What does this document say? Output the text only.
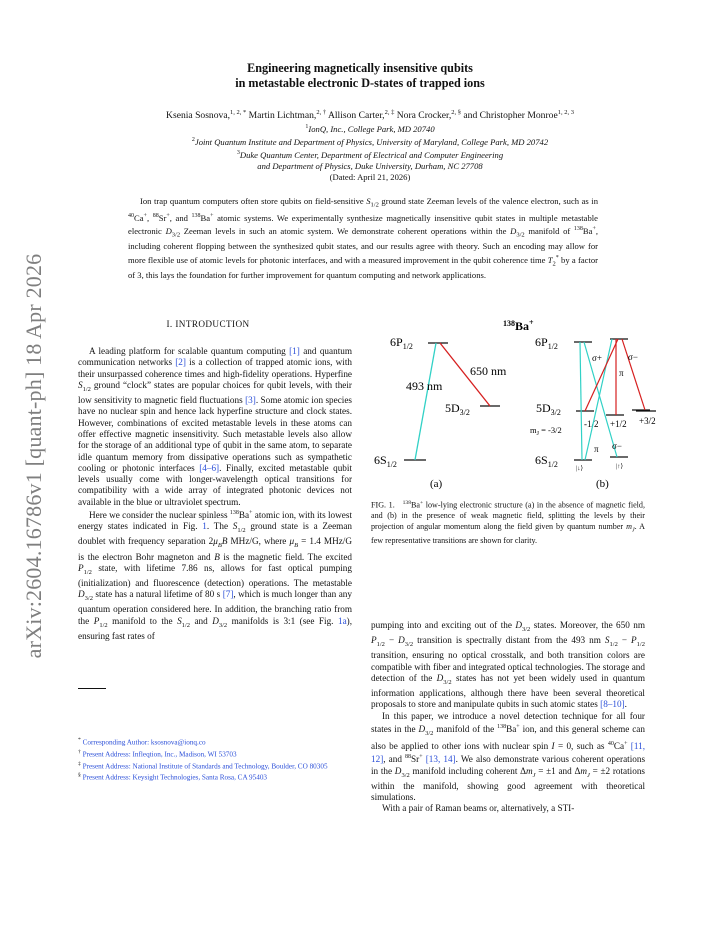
arXiv:2604.16786v1 [quant-ph] 18 Apr 2026
Engineering magnetically insensitive qubits
in metastable electronic D-states of trapped ions
Ksenia Sosnova,$^{1, 2, *}$ Martin Lichtman,$^{2, \dagger}$ Allison Carter,$^{2, \ddagger}$ Nora Crocker,$^{2, \S}$ and Christopher Monroe$^{1, 2, 3}$
$^1$IonQ, Inc., College Park, MD 20740
$^2$Joint Quantum Institute and Department of Physics, University of Maryland, College Park, MD 20742
$^3$Duke Quantum Center, Department of Electrical and Computer Engineering
and Department of Physics, Duke University, Durham, NC 27708
(Dated: April 21, 2026)
Ion trap quantum computers often store qubits on field-sensitive $S_{1/2}$ ground state Zeeman levels of the valence electron, such as in $^{40}$Ca+, $^{88}$Sr+, and $^{138}$Ba+ atomic systems. We experimentally synthesize magnetically insensitive qubit states in multiple metastable electronic $D_{3/2}$ Zeeman levels in such an atomic system. We demonstrate coherent operations within the $D_{3/2}$ manifold of $^{138}$Ba+, including coherent flopping between the synthesized qubit states, and our results agree with theory. Such an encoding may allow for more flexible use of atomic levels for photonic interfaces, and with a measured improvement in the qubit coherence time $T_2^*$ by a factor of 3, this lays the foundation for further improvement for quantum computing and network applications.
I. INTRODUCTION

A leading platform for scalable quantum computing [1] and quantum communication networks [2] is a collection of trapped atomic ions, with their unsurpassed coherence times and high-fidelity operations. Hyperfine $S_{1/2}$ ground “clock” states are popular choices for qubit levels, with their low sensitivity to magnetic field fluctuations [3]. Some atomic ion species have no nuclear spin and hence lack hyperfine structure and clock states. However, combinations of excited metastable levels in these atoms can offer effective magnetic insensitivity. Such metastable levels also allow for the storage of an additional type of qubit in the same atom, to separate idle quantum memory from dissipative operations such as sympathetic cooling or photonic interfaces [4–6]. Finally, excited metastable qubit levels usually come with longer-wavelength optical transitions for compatibility with a wide array of integrated photonic devices not available in the blue or ultraviolet spectrum.

Here we consider the nuclear spinless $^{138}$Ba+ atomic ion, with its lowest energy states indicated in Fig. 1. The $S_{1/2}$ ground state is a Zeeman doublet with frequency separation $2\mu_BB$ MHz/G, where $\mu_B = 1.4$ MHz/G is the electron Bohr magneton and B is the magnetic field. The excited $P_{1/2}$ state, with lifetime 7.86 ns, allows for fast optical pumping (initialization) and fluorescence (detection) operations. The metastable $D_{3/2}$ state has a natural lifetime of 80 s [7], which is much longer than any quantum operation considered here. In addition, the branching ratio from the $P_{1/2}$ manifold to the $S_{1/2}$ and $D_{3/2}$ manifolds is 3:1 (see Fig. 1a), ensuring fast rates of

* Corresponding Author: ksosnova@ionq.co
† Present Address: Infleqtion, Inc., Madison, WI 53703
‡ Present Address: National Institute of Standards and Technology, Boulder, CO 80305
§ Present Address: Keysight Technologies, Santa Rosa, CA 95403
$6P_{1/2}$
493 nm
650 nm
$5D_{3/2}$
$6S_{1/2}$
(a)
$^{138}$Ba+
$6P_{1/2}$
$5D_{3/2}$
$m_J = -3/2$
-1/2 +1/2 +3/2
$6S_{1/2}$	|↓⟩	|↑⟩
σ+	σ−
π
π σ−
(b)
FIG. 1.   $^{138}$Ba+ low-lying electronic structure (a) in the absence of magnetic field, and (b) in the presence of weak magnetic field, splitting the levels by their projection of angular momentum along the field given by quantum number $m_J$. A few representative transitions are shown for clarity.

pumping into and exciting out of the $D_{3/2}$ states. Moreover, the 650 nm $P_{1/2} - D_{3/2}$ transition is spectrally distant from the 493 nm $S_{1/2} - P_{1/2}$ transition, ensuring no optical crosstalk, and both transition colors are compatible with fiber and integrated optical technologies. The storage and detection of the $D_{3/2}$ states has not yet been widely used in quantum information applications, although there have been several theoretical proposals to store and manipulate qubits in such atomic states [8–10].

In this paper, we introduce a novel detection technique for all four states in the $D_{3/2}$ manifold of the $^{138}$Ba+ ion, and this general scheme can also be applied to other ions with nuclear spin I = 0, such as $^{40}$Ca+ [11, 12], and $^{88}$Sr+ [13, 14]. We also demonstrate various coherent operations in the $D_{3/2}$ manifold including coherent $\Delta m_J = \pm 1$ and $\Delta m_J = \pm 2$ rotations within the manifold, showing good agreement with theoretical simulations.

With a pair of Raman beams or, alternatively, a STI-
